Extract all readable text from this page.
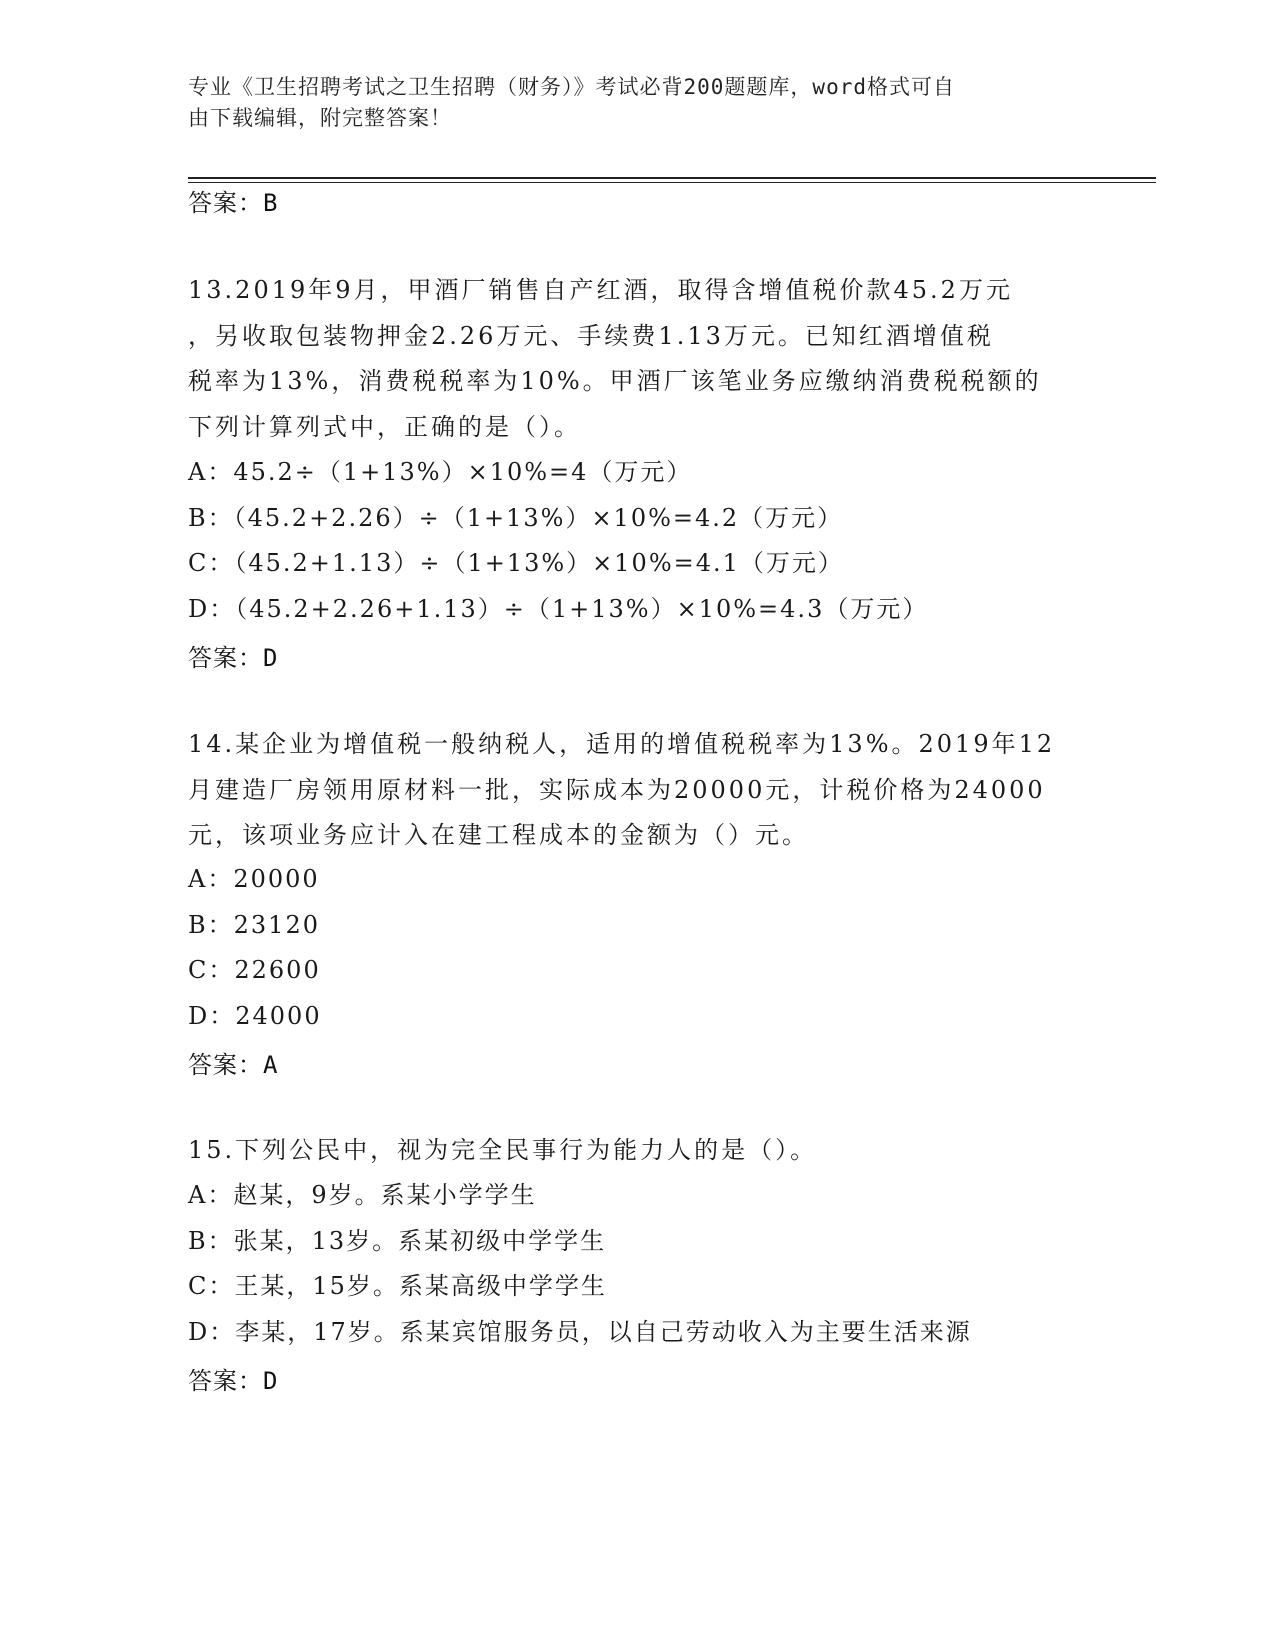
专业《卫生招聘考试之卫生招聘（财务）》考试必背200题题库，word格式可自
由下载编辑，附完整答案！
答案：B
13.2019年9月，甲酒厂销售自产红酒，取得含增值税价款45.2万元
，另收取包装物押金2.26万元、手续费1.13万元。已知红酒增值税
税率为13%，消费税税率为10%。甲酒厂该笔业务应缴纳消费税税额的
下列计算列式中，正确的是（）。
A：45.2÷（1+13%）×10%=4（万元）
B：（45.2+2.26）÷（1+13%）×10%=4.2（万元）
C：（45.2+1.13）÷（1+13%）×10%=4.1（万元）
D：（45.2+2.26+1.13）÷（1+13%）×10%=4.3（万元）
答案：D
14.某企业为增值税一般纳税人，适用的增值税税率为13%。2019年12
月建造厂房领用原材料一批，实际成本为20000元，计税价格为24000
元，该项业务应计入在建工程成本的金额为（）元。
A：20000
B：23120
C：22600
D：24000
答案：A
15.下列公民中，视为完全民事行为能力人的是（）。
A：赵某，9岁。系某小学学生
B：张某，13岁。系某初级中学学生
C：王某，15岁。系某高级中学学生
D：李某，17岁。系某宾馆服务员，以自己劳动收入为主要生活来源
答案：D
